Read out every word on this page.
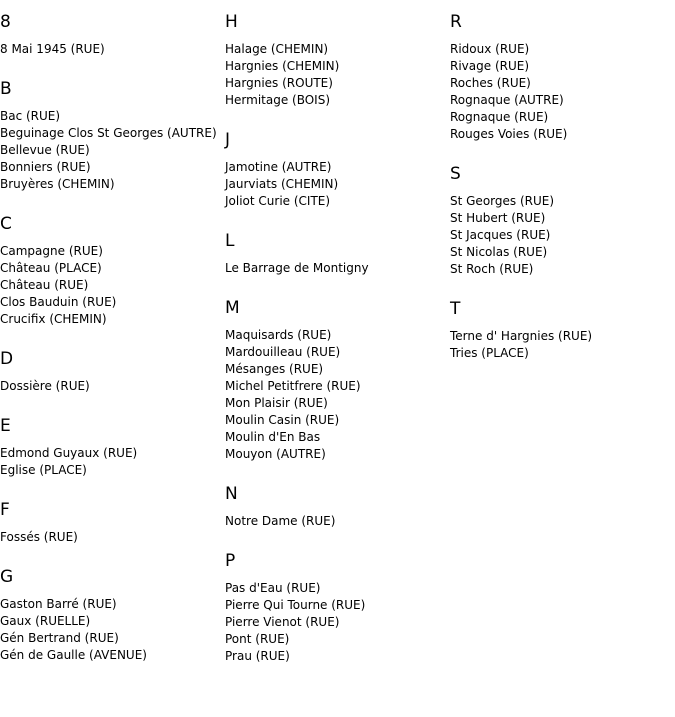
8
8 Mai 1945 (RUE)
B
Bac (RUE)
Beguinage Clos St Georges (AUTRE)
Bellevue (RUE)
Bonniers (RUE)
Bruyères (CHEMIN)
C
Campagne (RUE)
Château (PLACE)
Château (RUE)
Clos Bauduin (RUE)
Crucifix (CHEMIN)
D
Dossière (RUE)
E
Edmond Guyaux (RUE)
Eglise (PLACE)
F
Fossés (RUE)
G
Gaston Barré (RUE)
Gaux (RUELLE)
Gén Bertrand (RUE)
Gén de Gaulle (AVENUE)
H
Halage (CHEMIN)
Hargnies (CHEMIN)
Hargnies (ROUTE)
Hermitage (BOIS)
J
Jamotine (AUTRE)
Jaurviats (CHEMIN)
Joliot Curie (CITE)
L
Le Barrage de Montigny
M
Maquisards (RUE)
Mardouilleau (RUE)
Mésanges (RUE)
Michel Petitfrere (RUE)
Mon Plaisir (RUE)
Moulin Casin (RUE)
Moulin d'En Bas
Mouyon (AUTRE)
N
Notre Dame (RUE)
P
Pas d'Eau (RUE)
Pierre Qui Tourne (RUE)
Pierre Vienot (RUE)
Pont (RUE)
Prau (RUE)
R
Ridoux (RUE)
Rivage (RUE)
Roches (RUE)
Rognaque (AUTRE)
Rognaque (RUE)
Rouges Voies (RUE)
S
St Georges (RUE)
St Hubert (RUE)
St Jacques (RUE)
St Nicolas (RUE)
St Roch (RUE)
T
Terne d' Hargnies (RUE)
Tries (PLACE)
